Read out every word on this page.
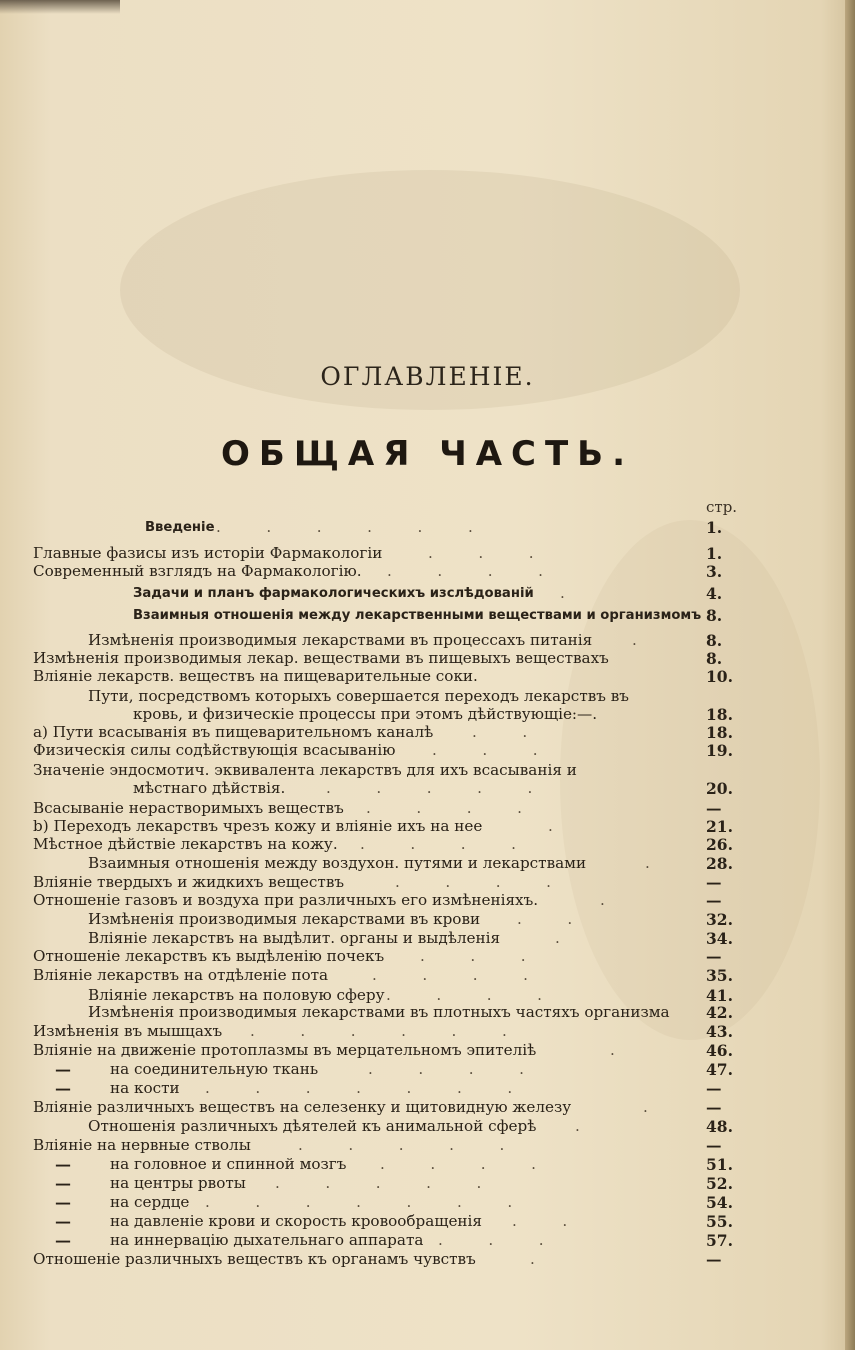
ОГЛАВЛЕНIЕ.
ОБЩАЯ ЧАСТЬ.
стр.
Введенiе .   .   .   .   .   .	1.
Главные фазисы изъ исторiи Фармакологiи	.   .   .	1.
Современный взглядъ на Фармакологiю. .   .   .   .	3.
Задачи и планъ фармакологическихъ изслѣдованiй .	4.
Взаимныя отношенiя между лекарственными веществами и организмомъ 8.
Измѣненiя производимыя лекарствами въ процессахъ питанiя	.	8.
Измѣненiя производимыя лекар. веществами въ пищевыхъ веществахъ	8.
Влiянiе лекарств. веществъ на пищеварительные соки.	10.
Пути, посредствомъ которыхъ совершается переходъ лекарствъ въ
кровь, и физическiе процессы при этомъ дѣйствующiе:—.	18.
а) Пути всасыванiя въ пищеварительномъ каналѣ	.   .	18.
Физическiя силы содѣйствующiя всасыванiю .   .   .	19.
Значенiе эндосмотич. эквивалента лекарствъ для ихъ всасыванiя и
мѣстнаго дѣйствiя.	.   .   .   .   .	20.
Всасыванiе нерастворимыхъ веществъ .   .   .   .	—
b) Переходъ лекарствъ чрезъ кожу и влiянiе ихъ на нее	.	21.
Мѣстное дѣйствiе лекарствъ на кожу. .   .   .   .	26.
Взаимныя отношенiя между воздухон. путями и лекарствами	.	28.
Влiянiе твердыхъ и жидкихъ веществъ	.   .   .   .	—
Отношенiе газовъ и воздуха при различныхъ его измѣненiяхъ.	.	—
Измѣненiя производимыя лекарствами въ крови .   .	32.
Влiянiе лекарствъ на выдѣлит. органы и выдѣленiя	.	34.
Отношенiе лекарствъ къ выдѣленiю почекъ .   .   .	—
Влiянiе лекарствъ на отдѣленiе пота	.   .   .   .	35.
Влiянiе лекарствъ на половую сферу .   .   .   .	41.
Измѣненiя производимыя лекарствами въ плотныхъ частяхъ организма 42.
Измѣненiя въ мышцахъ .   .   .   .   .   .	43.
Влiянiе на движенiе протоплазмы въ мерцательномъ эпителiѣ	.	46.
—	на соединительную ткань	.   .   .   .	47.
—	на кости .   .   .   .   .   .   .	—
Влiянiе различныхъ веществъ на селезенку и щитовидную железу	.	—
Отношенiя различныхъ дѣятелей къ анимальной сферѣ	.	48.
Влiянiе на нервные стволы	.   .   .   .   .	—
—	на головное и спинной мозгъ .   .   .   .	51.
—	на центры рвоты .   .   .   .   .	52.
—	на сердце .   .   .   .   .   .   .	54.
—	на давленiе крови и скорость кровообращенiя .   .	55.
—	на иннервацiю дыхательнаго аппарата .   .   .	57.
Отношенiе различныхъ веществъ къ органамъ чувствъ	.	—
